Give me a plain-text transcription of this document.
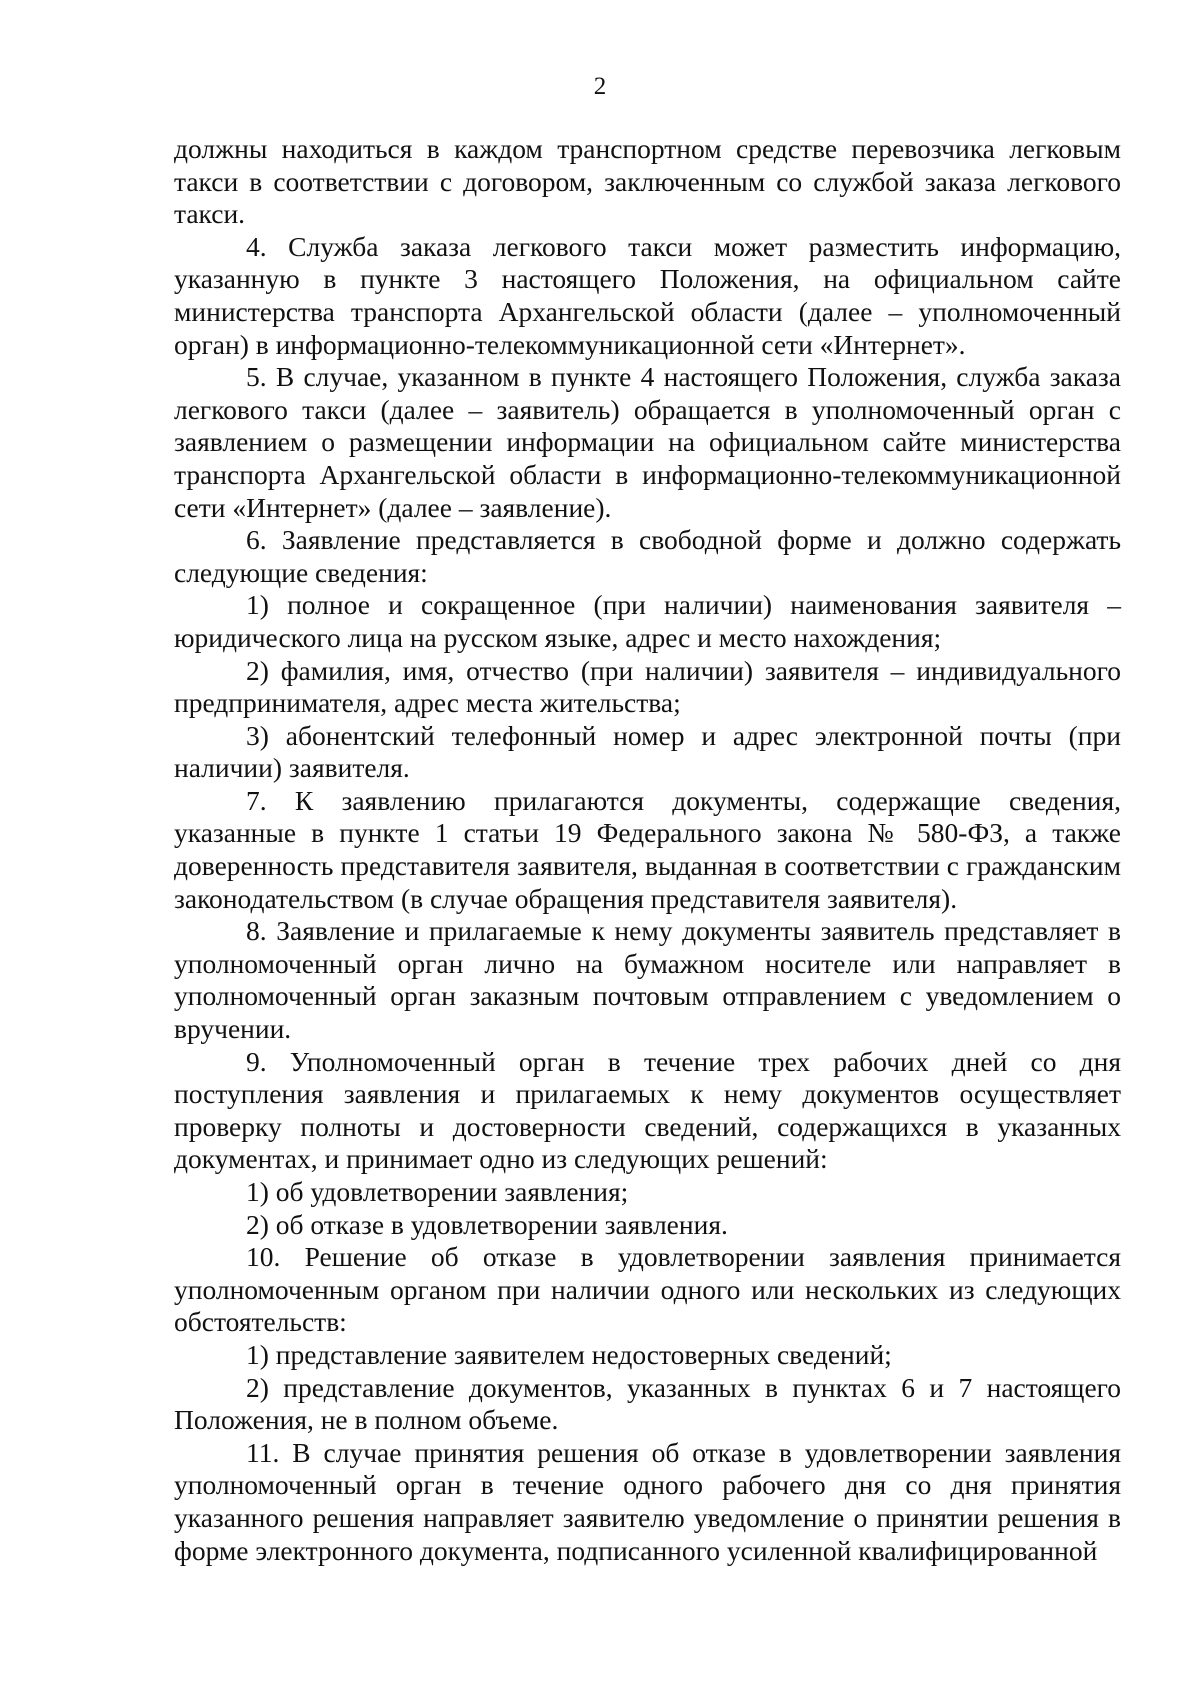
2

должны находиться в каждом транспортном средстве перевозчика легковым такси в соответствии с договором, заключенным со службой заказа легкового такси.

4. Служба заказа легкового такси может разместить информацию, указанную в пункте 3 настоящего Положения, на официальном сайте министерства транспорта Архангельской области (далее – уполномоченный орган) в информационно-телекоммуникационной сети «Интернет».

5. В случае, указанном в пункте 4 настоящего Положения, служба заказа легкового такси (далее – заявитель) обращается в уполномоченный орган с заявлением о размещении информации на официальном сайте министерства транспорта Архангельской области в информационно-телекоммуникационной сети «Интернет» (далее – заявление).

6. Заявление представляется в свободной форме и должно содержать следующие сведения:

1) полное и сокращенное (при наличии) наименования заявителя – юридического лица на русском языке, адрес и место нахождения;

2) фамилия, имя, отчество (при наличии) заявителя – индивидуального предпринимателя, адрес места жительства;

3) абонентский телефонный номер и адрес электронной почты (при наличии) заявителя.

7. К заявлению прилагаются документы, содержащие сведения, указанные в пункте 1 статьи 19 Федерального закона № 580-ФЗ, а также доверенность представителя заявителя, выданная в соответствии с гражданским законодательством (в случае обращения представителя заявителя).

8. Заявление и прилагаемые к нему документы заявитель представляет в уполномоченный орган лично на бумажном носителе или направляет в уполномоченный орган заказным почтовым отправлением с уведомлением о вручении.

9. Уполномоченный орган в течение трех рабочих дней со дня поступления заявления и прилагаемых к нему документов осуществляет проверку полноты и достоверности сведений, содержащихся в указанных документах, и принимает одно из следующих решений:

1) об удовлетворении заявления;

2) об отказе в удовлетворении заявления.

10. Решение об отказе в удовлетворении заявления принимается уполномоченным органом при наличии одного или нескольких из следующих обстоятельств:

1) представление заявителем недостоверных сведений;

2) представление документов, указанных в пунктах 6 и 7 настоящего Положения, не в полном объеме.

11. В случае принятия решения об отказе в удовлетворении заявления уполномоченный орган в течение одного рабочего дня со дня принятия указанного решения направляет заявителю уведомление о принятии решения в форме электронного документа, подписанного усиленной квалифицированной
